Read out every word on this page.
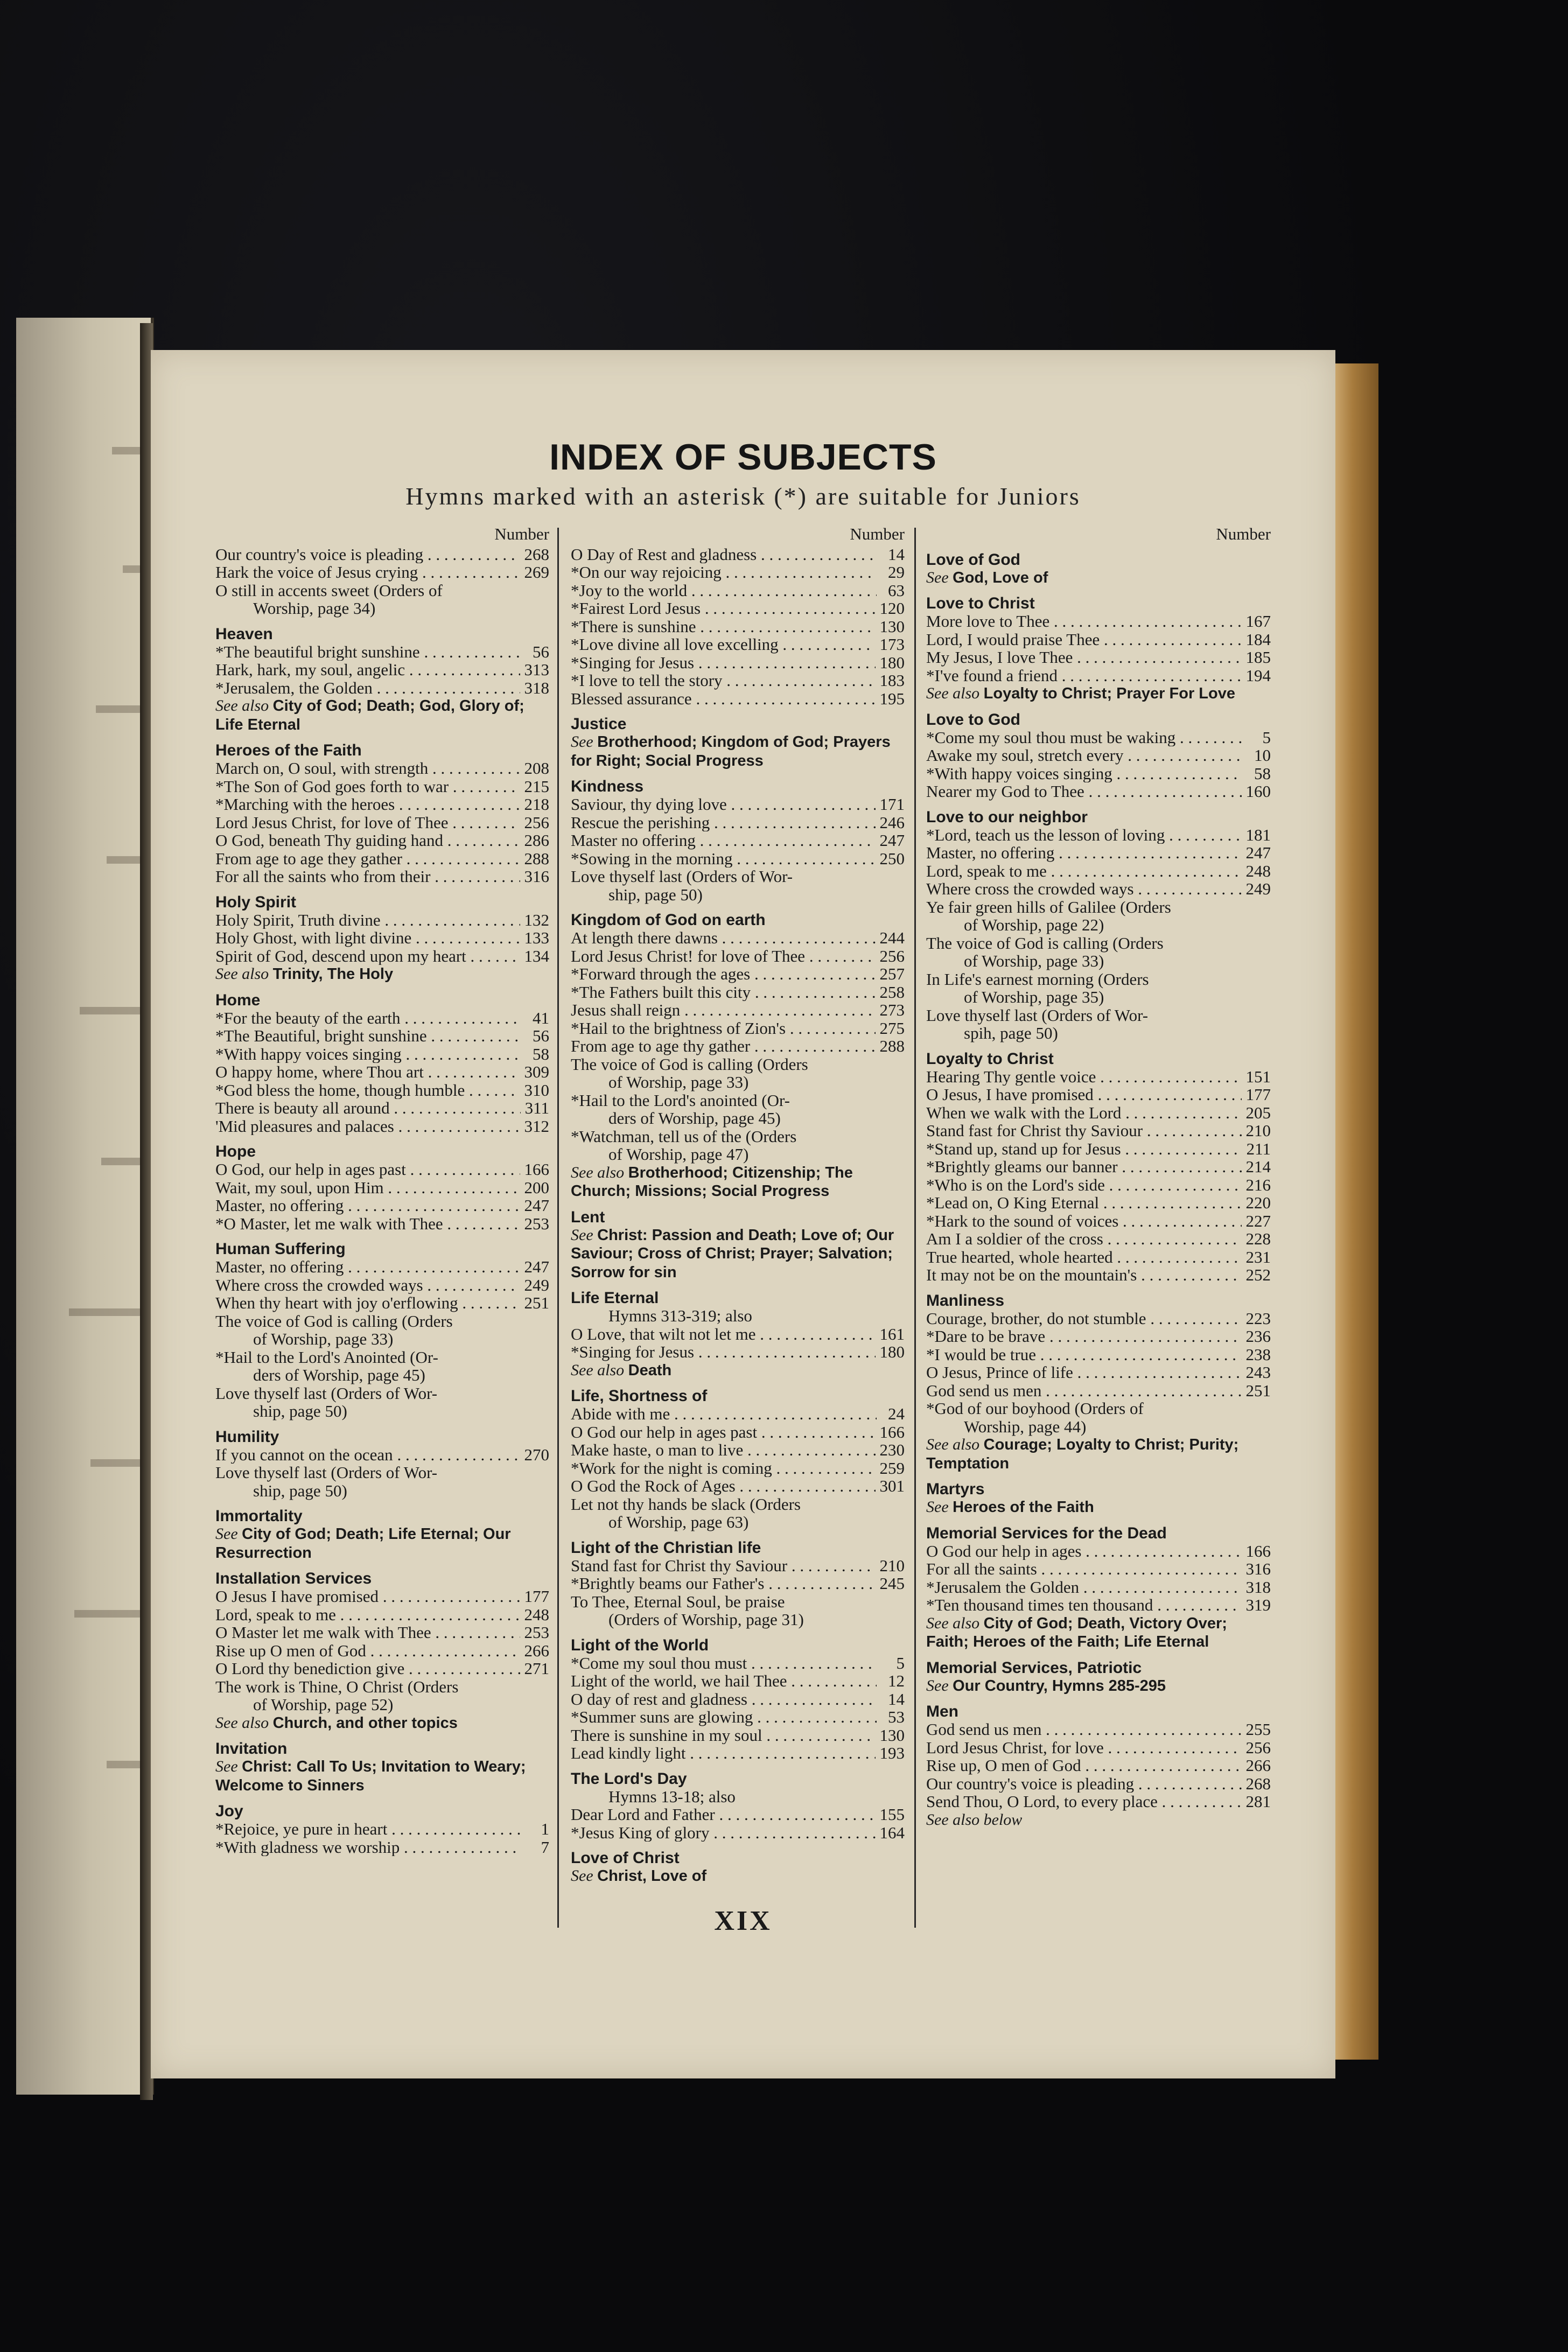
INDEX OF SUBJECTS
Hymns marked with an asterisk (*) are suitable for Juniors
Number
Our country's voice is pleading . . .	268
Hark the voice of Jesus crying . . .	269
O still in accents sweet (Orders of
Worship, page 34)
Heaven
*The beautiful bright sunshine . . .	56
Hark, hark, my soul, angelic . . .	313
*Jerusalem, the Golden . . .	318
See also City of God; Death; God, Glory of; Life Eternal
Heroes of the Faith
March on, O soul, with strength . . .	208
*The Son of God goes forth to war . . .	215
*Marching with the heroes . . .	218
Lord Jesus Christ, for love of Thee . . .	256
O God, beneath Thy guiding hand . . .	286
From age to age they gather . . .	288
For all the saints who from their . . .	316
Holy Spirit
Holy Spirit, Truth divine . . .	132
Holy Ghost, with light divine . . .	133
Spirit of God, descend upon my heart . . .	134
See also Trinity, The Holy
Home
*For the beauty of the earth . . .	41
*The Beautiful, bright sunshine . . .	56
*With happy voices singing . . .	58
O happy home, where Thou art . . .	309
*God bless the home, though humble . . .	310
There is beauty all around . . .	311
'Mid pleasures and palaces . . .	312
Hope
O God, our help in ages past . . .	166
Wait, my soul, upon Him . . .	200
Master, no offering . . .	247
*O Master, let me walk with Thee . . .	253
Human Suffering
Master, no offering . . .	247
Where cross the crowded ways . . .	249
When thy heart with joy o'erflowing . . .	251
The voice of God is calling (Orders
of Worship, page 33)
*Hail to the Lord's Anointed (Or-
ders of Worship, page 45)
Love thyself last (Orders of Wor-
ship, page 50)
Humility
If you cannot on the ocean . . .	270
Love thyself last (Orders of Wor-
ship, page 50)
Immortality
See City of God; Death; Life Eternal; Our Resurrection
Installation Services
O Jesus I have promised . . .	177
Lord, speak to me . . .	248
O Master let me walk with Thee . . .	253
Rise up O men of God . . .	266
O Lord thy benediction give . . .	271
The work is Thine, O Christ (Orders
of Worship, page 52)
See also Church, and other topics
Invitation
See Christ: Call To Us; Invitation to Weary; Welcome to Sinners
Joy
*Rejoice, ye pure in heart . . .	1
*With gladness we worship . . .	7
Number
O Day of Rest and gladness . . .	14
*On our way rejoicing . . .	29
*Joy to the world . . .	63
*Fairest Lord Jesus . . .	120
*There is sunshine . . .	130
*Love divine all love excelling . . .	173
*Singing for Jesus . . .	180
*I love to tell the story . . .	183
Blessed assurance . . .	195
Justice
See Brotherhood; Kingdom of God; Prayers for Right; Social Progress
Kindness
Saviour, thy dying love . . .	171
Rescue the perishing . . .	246
Master no offering . . .	247
*Sowing in the morning . . .	250
Love thyself last (Orders of Wor-
ship, page 50)
Kingdom of God on earth
At length there dawns . . .	244
Lord Jesus Christ! for love of Thee . . .	256
*Forward through the ages . . .	257
*The Fathers built this city . . .	258
Jesus shall reign . . .	273
*Hail to the brightness of Zion's . . .	275
From age to age thy gather . . .	288
The voice of God is calling (Orders
of Worship, page 33)
*Hail to the Lord's anointed (Or-
ders of Worship, page 45)
*Watchman, tell us of the (Orders
of Worship, page 47)
See also Brotherhood; Citizenship; The Church; Missions; Social Progress
Lent
See Christ: Passion and Death; Love of; Our Saviour; Cross of Christ; Prayer; Salvation; Sorrow for sin
Life Eternal
Hymns 313-319; also
O Love, that wilt not let me . . .	161
*Singing for Jesus . . .	180
See also Death
Life, Shortness of
Abide with me . . .	24
O God our help in ages past . . .	166
Make haste, o man to live . . .	230
*Work for the night is coming . . .	259
O God the Rock of Ages . . .	301
Let not thy hands be slack (Orders
of Worship, page 63)
Light of the Christian life
Stand fast for Christ thy Saviour . . .	210
*Brightly beams our Father's . . .	245
To Thee, Eternal Soul, be praise
(Orders of Worship, page 31)
Light of the World
*Come my soul thou must . . .	5
Light of the world, we hail Thee . . .	12
O day of rest and gladness . . .	14
*Summer suns are glowing . . .	53
There is sunshine in my soul . . .	130
Lead kindly light . . .	193
The Lord's Day
Hymns 13-18; also
Dear Lord and Father . . .	155
*Jesus King of glory . . .	164
Love of Christ
See Christ, Love of
Number
Love of God
See God, Love of
Love to Christ
More love to Thee . . .	167
Lord, I would praise Thee . . .	184
My Jesus, I love Thee . . .	185
*I've found a friend . . .	194
See also Loyalty to Christ; Prayer For Love
Love to God
*Come my soul thou must be waking . . .	5
Awake my soul, stretch every . . .	10
*With happy voices singing . . .	58
Nearer my God to Thee . . .	160
Love to our neighbor
*Lord, teach us the lesson of loving . . .	181
Master, no offering . . .	247
Lord, speak to me . . .	248
Where cross the crowded ways . . .	249
Ye fair green hills of Galilee (Orders
of Worship, page 22)
The voice of God is calling (Orders
of Worship, page 33)
In Life's earnest morning (Orders
of Worship, page 35)
Love thyself last (Orders of Wor-
spih, page 50)
Loyalty to Christ
Hearing Thy gentle voice . . .	151
O Jesus, I have promised . . .	177
When we walk with the Lord . . .	205
Stand fast for Christ thy Saviour . . .	210
*Stand up, stand up for Jesus . . .	211
*Brightly gleams our banner . . .	214
*Who is on the Lord's side . . .	216
*Lead on, O King Eternal . . .	220
*Hark to the sound of voices . . .	227
Am I a soldier of the cross . . .	228
True hearted, whole hearted . . .	231
It may not be on the mountain's . . .	252
Manliness
Courage, brother, do not stumble . . .	223
*Dare to be brave . . .	236
*I would be true . . .	238
O Jesus, Prince of life . . .	243
God send us men . . .	251
*God of our boyhood (Orders of
Worship, page 44)
See also Courage; Loyalty to Christ; Purity; Temptation
Martyrs
See Heroes of the Faith
Memorial Services for the Dead
O God our help in ages . . .	166
For all the saints . . .	316
*Jerusalem the Golden . . .	318
*Ten thousand times ten thousand . . .	319
See also City of God; Death, Victory Over; Faith; Heroes of the Faith; Life Eternal
Memorial Services, Patriotic
See Our Country, Hymns 285-295
Men
God send us men . . .	255
Lord Jesus Christ, for love . . .	256
Rise up, O men of God . . .	266
Our country's voice is pleading . . .	268
Send Thou, O Lord, to every place . . .	281
See also below
XIX
